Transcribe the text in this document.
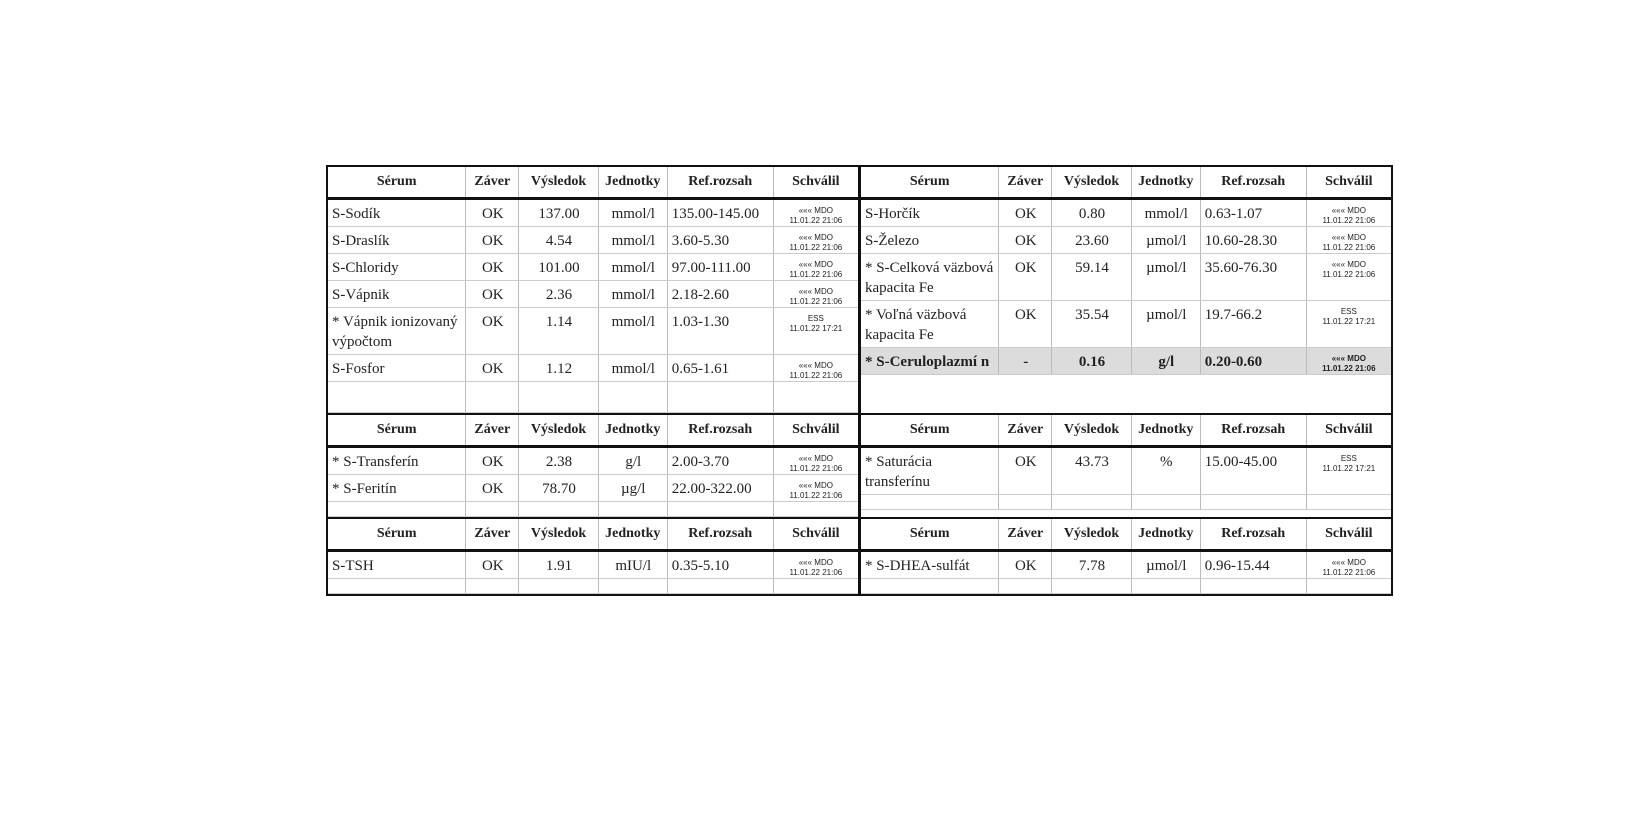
Sérum	Záver	Výsledok	Jednotky	Ref.rozsah	Schválil
S-Sodík	OK	137.00	mmol/l	135.00-145.00	««« MDO
11.01.22 21:06

S-Draslík	OK	4.54	mmol/l	3.60-5.30	««« MDO
11.01.22 21:06

S-Chloridy	OK	101.00	mmol/l	97.00-111.00	««« MDO
11.01.22 21:06

S-Vápnik	OK	2.36	mmol/l	2.18-2.60	««« MDO
11.01.22 21:06

* Vápnik ionizovaný výpočtom	OK	1.14	mmol/l	1.03-1.30	ESS
11.01.22 17:21

S-Fosfor	OK	1.12	mmol/l	0.65-1.61	««« MDO
11.01.22 21:06

Sérum	Záver	Výsledok	Jednotky	Ref.rozsah	Schválil
S-Horčík	OK	0.80	mmol/l	0.63-1.07	««« MDO
11.01.22 21:06

S-Železo	OK	23.60	µmol/l	10.60-28.30	««« MDO
11.01.22 21:06

* S-Celková väzbová kapacita Fe	OK	59.14	µmol/l	35.60-76.30	««« MDO
11.01.22 21:06

* Voľná väzbová kapacita Fe	OK	35.54	µmol/l	19.7-66.2	ESS
11.01.22 17:21

* S-Ceruloplazmí n	-	0.16	g/l	0.20-0.60	««« MDO
11.01.22 21:06
Sérum	Záver	Výsledok	Jednotky	Ref.rozsah	Schválil
* S-Transferín	OK	2.38	g/l	2.00-3.70	««« MDO
11.01.22 21:06

* S-Feritín	OK	78.70	µg/l	22.00-322.00	««« MDO
11.01.22 21:06

Sérum	Záver	Výsledok	Jednotky	Ref.rozsah	Schválil
* Saturácia transferínu	OK	43.73	%	15.00-45.00	ESS
11.01.22 17:21

Sérum	Záver	Výsledok	Jednotky	Ref.rozsah	Schválil
S-TSH	OK	1.91	mIU/l	0.35-5.10	««« MDO
11.01.22 21:06

Sérum	Záver	Výsledok	Jednotky	Ref.rozsah	Schválil
* S-DHEA-sulfát	OK	7.78	µmol/l	0.96-15.44	««« MDO
11.01.22 21:06
